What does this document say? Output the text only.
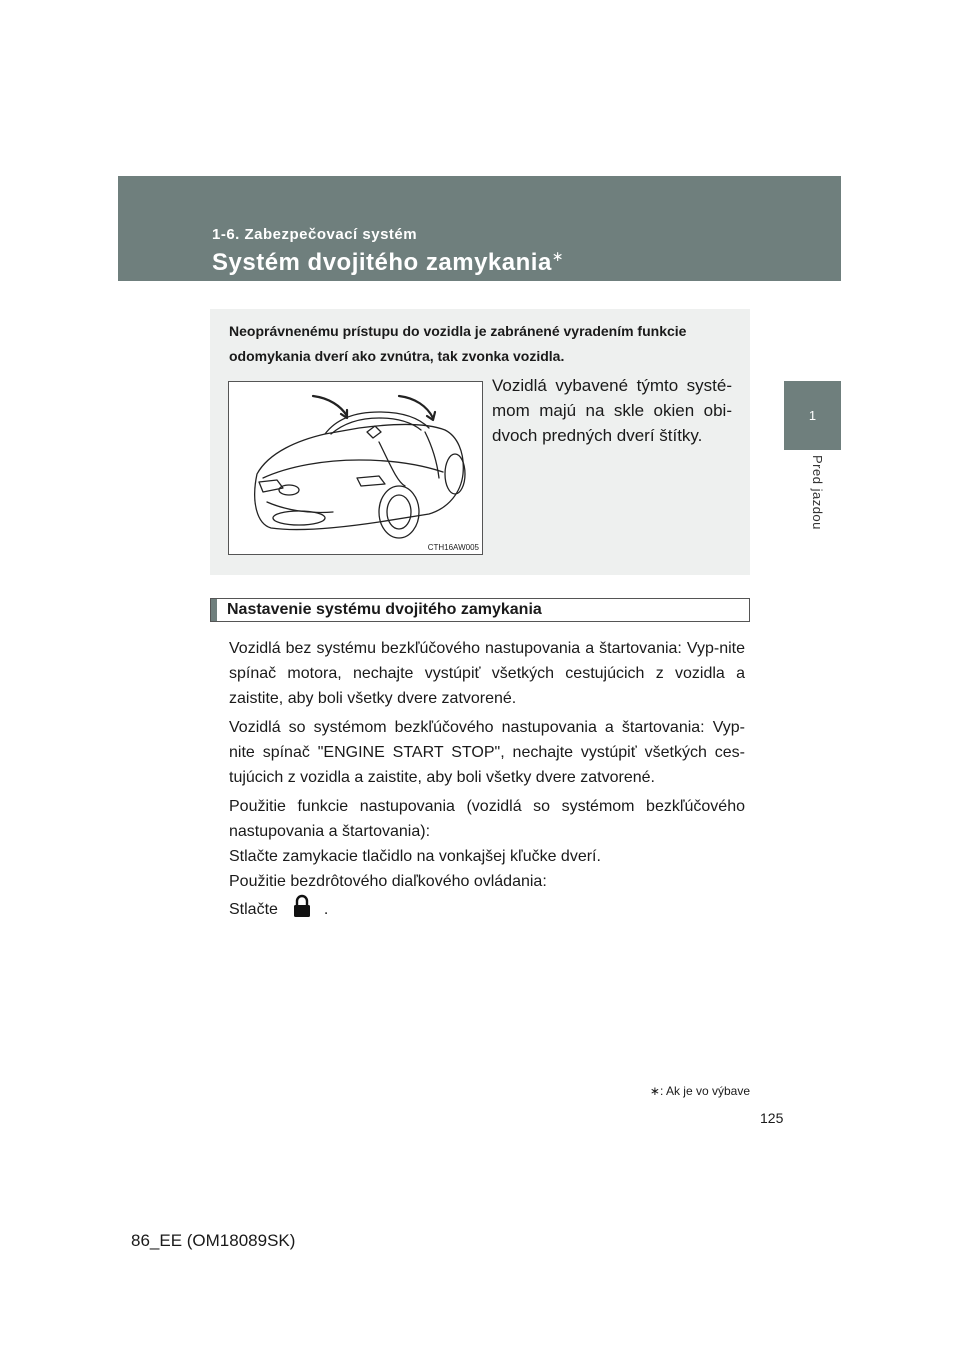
1-6. Zabezpečovací systém
Systém dvojitého zamykania∗
1
Pred jazdou
Neoprávnenému prístupu do vozidla je zabránené vyradením funkcie odomykania dverí ako zvnútra, tak zvonka vozidla.
CTH16AW005
Vozidlá vybavené týmto systé-mom majú na skle okien obi-dvoch predných dverí štítky.
Nastavenie systému dvojitého zamykania
Vozidlá bez systému bezkľúčového nastupovania a štartovania: Vyp-nite spínač motora, nechajte vystúpiť všetkých cestujúcich z vozidla a zaistite, aby boli všetky dvere zatvorené.
Vozidlá so systémom bezkľúčového nastupovania a štartovania: Vyp-nite spínač "ENGINE START STOP", nechajte vystúpiť všetkých ces-tujúcich z vozidla a zaistite, aby boli všetky dvere zatvorené.
Použitie funkcie nastupovania (vozidlá so systémom bezkľúčového
nastupovania a štartovania):
Stlačte zamykacie tlačidlo na vonkajšej kľučke dverí.
Použitie bezdrôtového diaľkového ovládania:
Stlačte	.
∗: Ak je vo výbave
125
86_EE (OM18089SK)
